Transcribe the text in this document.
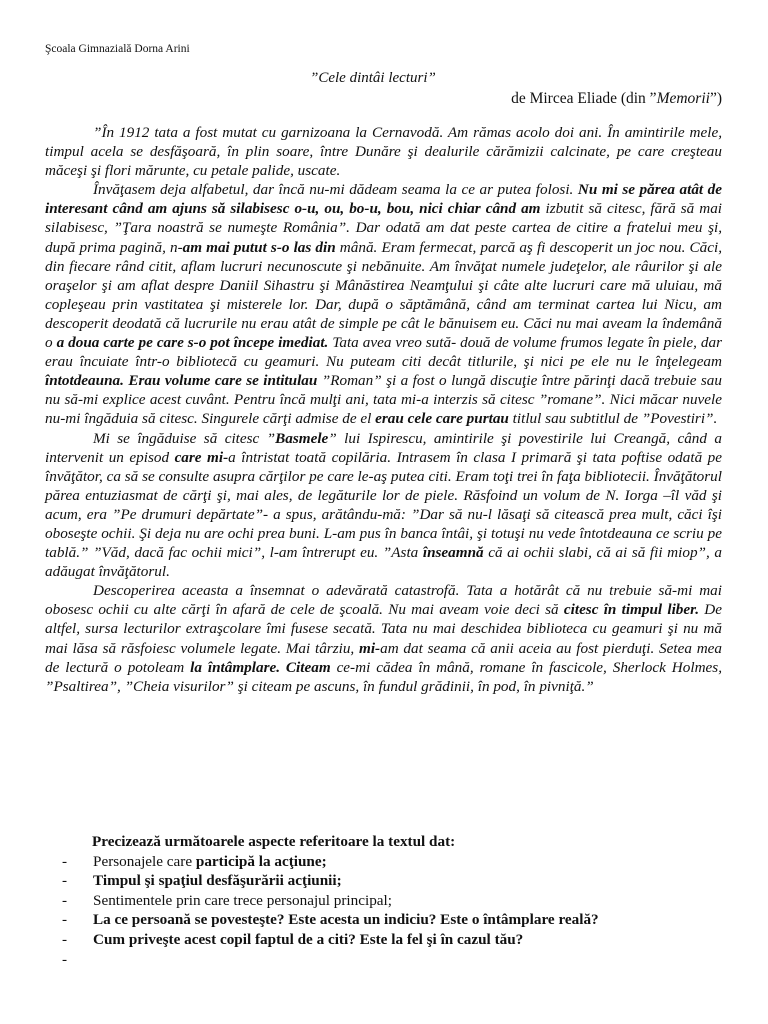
Şcoala Gimnazială Dorna Arini
”Cele dintâi lecturi”
de Mircea Eliade (din ”Memorii”)

”În 1912 tata a fost mutat cu garnizoana la Cernavodă. Am rămas acolo doi ani. În amintirile mele, timpul acela se desfăşoară, în plin soare, între Dunăre şi dealurile cărămizii calcinate, pe care creşteau măceşi şi flori mărunte, cu petale palide, uscate.

Învăţasem deja alfabetul, dar încă nu-mi dădeam seama la ce ar putea folosi. Nu mi se părea atât de interesant când am ajuns să silabisesc o-u, ou, bo-u, bou, nici chiar când am izbutit să citesc, fără să mai silabisesc, ”Ţara noastră se numeşte România”. Dar odată am dat peste cartea de citire a fratelui meu şi, după prima pagină, n-am mai putut s-o las din mână. Eram fermecat, parcă aş fi descoperit un joc nou. Căci, din fiecare rând citit, aflam lucruri necunoscute şi nebănuite. Am învăţat numele judeţelor, ale râurilor şi ale oraşelor şi am aflat despre Daniil Sihastru şi Mânăstirea Neamţului şi câte alte lucruri care mă uluiau, mă copleşeau prin vastitatea şi misterele lor. Dar, după o săptămână, când am terminat cartea lui Nicu, am descoperit deodată că lucrurile nu erau atât de simple pe cât le bănuisem eu. Căci nu mai aveam la îndemână o a doua carte pe care s-o pot începe imediat. Tata avea vreo sută- două de volume frumos legate în piele, dar erau încuiate într-o bibliotecă cu geamuri. Nu puteam citi decât titlurile, şi nici pe ele nu le înţelegeam întotdeauna. Erau volume care se intitulau ”Roman” şi a fost o lungă discuţie între părinţi dacă trebuie sau nu să-mi explice acest cuvânt. Pentru încă mulţi ani, tata mi-a interzis să citesc ”romane”. Nici măcar nuvele nu-mi îngăduia să citesc. Singurele cărţi admise de el erau cele care purtau titlul sau subtitlul de ”Povestiri”.

Mi se îngăduise să citesc ”Basmele” lui Ispirescu, amintirile şi povestirile lui Creangă, când a intervenit un episod care mi-a întristat toată copilăria. Intrasem în clasa I primară şi tata poftise odată pe învăţător, ca să se consulte asupra cărţilor pe care le-aş putea citi. Eram toţi trei în faţa bibliotecii. Învăţătorul părea entuziasmat de cărţi şi, mai ales, de legăturile lor de piele. Răsfoind un volum de N. Iorga –îl văd şi acum, era ”Pe drumuri depărtate”- a spus, arătându-mă: ”Dar să nu-l lăsaţi să citească prea mult, căci îşi oboseşte ochii. Şi deja nu are ochi prea buni. L-am pus în banca întâi, şi totuşi nu vede întotdeauna ce scriu pe tablă.” ”Văd, dacă fac ochii mici”, l-am întrerupt eu. ”Asta înseamnă că ai ochii slabi, că ai să fii miop”, a adăugat învăţătorul.

Descoperirea aceasta a însemnat o adevărată catastrofă. Tata a hotărât că nu trebuie să-mi mai obosesc ochii cu alte cărţi în afară de cele de şcoală. Nu mai aveam voie deci să citesc în timpul liber. De altfel, sursa lecturilor extraşcolare îmi fusese secată. Tata nu mai deschidea biblioteca cu geamuri şi nu mă mai lăsa să răsfoiesc volumele legate. Mai târziu, mi-am dat seama că anii aceia au fost pierduţi. Setea mea de lectură o potoleam la întâmplare. Citeam ce-mi cădea în mână, romane în fascicole, Sherlock Holmes, ”Psaltirea”, ”Cheia visurilor” şi citeam pe ascuns, în fundul grădinii, în pod, în pivniţă.”

Precizează următoarele aspecte referitoare la textul dat:

-	Personajele care participă la acţiune;
-	Timpul şi spaţiul desfăşurării acţiunii;
-	Sentimentele prin care trece personajul principal;
-	La ce persoană se povesteşte? Este acesta un indiciu? Este o întâmplare reală?
-	Cum priveşte acest copil faptul de a citi? Este la fel şi în cazul tău?
-
